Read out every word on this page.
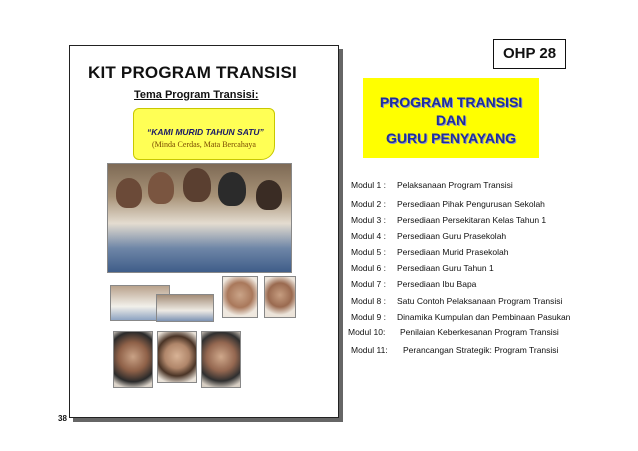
KIT PROGRAM TRANSISI
Tema Program Transisi:
“KAMI MURID TAHUN SATU”
(Minda Cerdas, Mata Bercahaya
OHP 28
PROGRAM TRANSISI
DAN
GURU PENYAYANG
Modul 1 : Pelaksanaan Program Transisi
Modul 2 : Persediaan Pihak Pengurusan Sekolah
Modul 3 : Persediaan Persekitaran Kelas Tahun 1
Modul 4 : Persediaan Guru Prasekolah
Modul 5 : Persediaan Murid Prasekolah
Modul 6 : Persediaan Guru Tahun 1
Modul 7 : Persediaan Ibu Bapa
Modul 8 : Satu Contoh Pelaksanaan Program Transisi
Modul 9 : Dinamika Kumpulan dan Pembinaan Pasukan
Modul 10: Penilaian Keberkesanan Program Transisi
Modul 11: Perancangan Strategik: Program Transisi
38
